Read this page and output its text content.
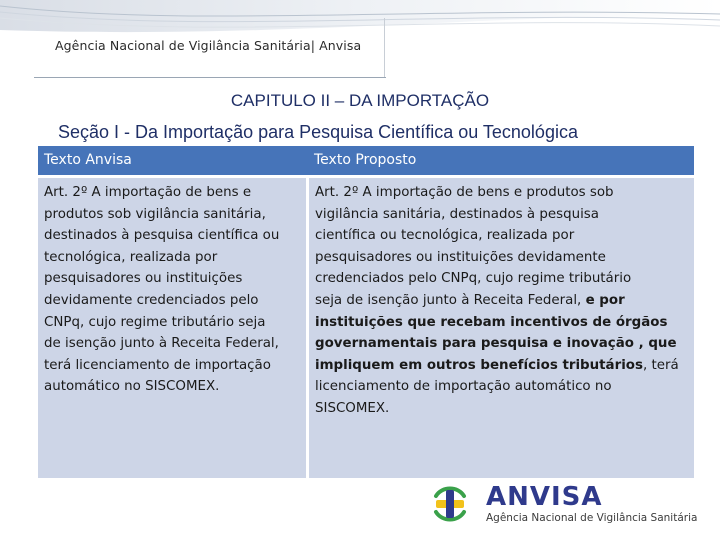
Agência Nacional de Vigilância Sanitária| Anvisa
CAPITULO II – DA IMPORTAÇÃO
Seção I - Da Importação para Pesquisa Científica ou Tecnológica
Texto Anvisa	Texto Proposto
Art. 2º A importação de bens e
produtos sob vigilância sanitária,
destinados à pesquisa científica ou
tecnológica, realizada por
pesquisadores ou instituições
devidamente credenciados pelo
CNPq, cujo regime tributário seja
de isenção junto à Receita Federal,
terá licenciamento de importação
automático no SISCOMEX.
Art. 2º A importação de bens e produtos sob
vigilância sanitária, destinados à pesquisa
científica ou tecnológica, realizada por
pesquisadores ou instituições devidamente
credenciados pelo CNPq, cujo regime tributário
seja de isenção junto à Receita Federal, e por
instituições que recebam incentivos de órgãos
governamentais para pesquisa e inovação , que
impliquem em outros benefícios tributários, terá
licenciamento de importação automático no
SISCOMEX.
ANVISA
Agência Nacional de Vigilância Sanitária
